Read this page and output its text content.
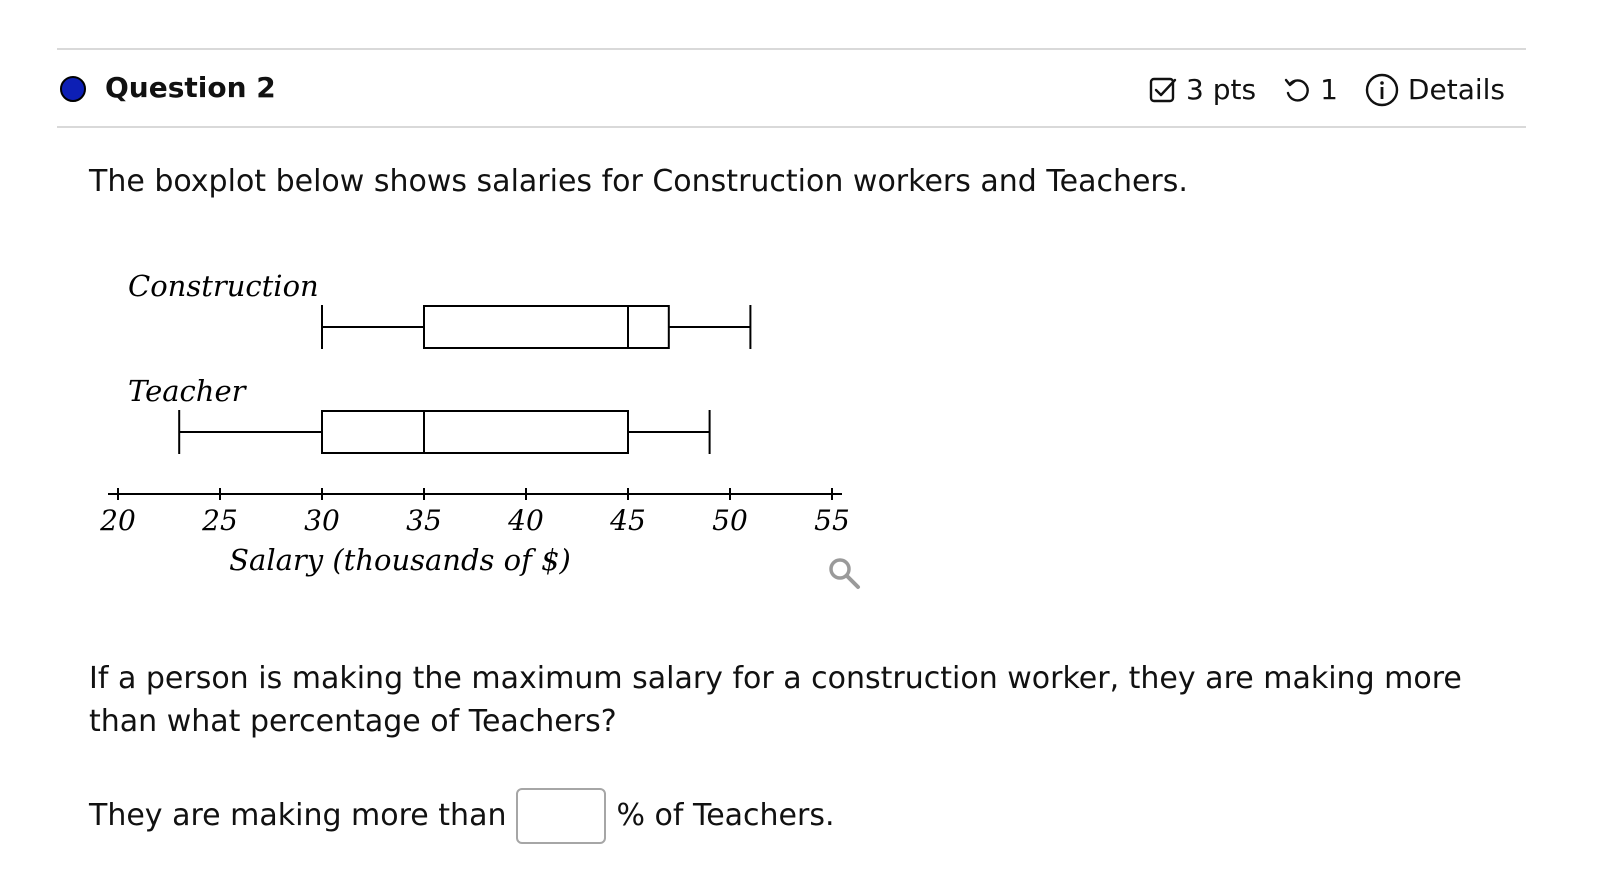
Question 2	3 pts 1	Details
The boxplot below shows salaries for Construction workers and Teachers.
Construction
Teacher
20 25 30 35 40 45 50 55
Salary (thousands of $)
If a person is making the maximum salary for a construction worker, they are making more than what percentage of Teachers?
They are making more than	% of Teachers.
